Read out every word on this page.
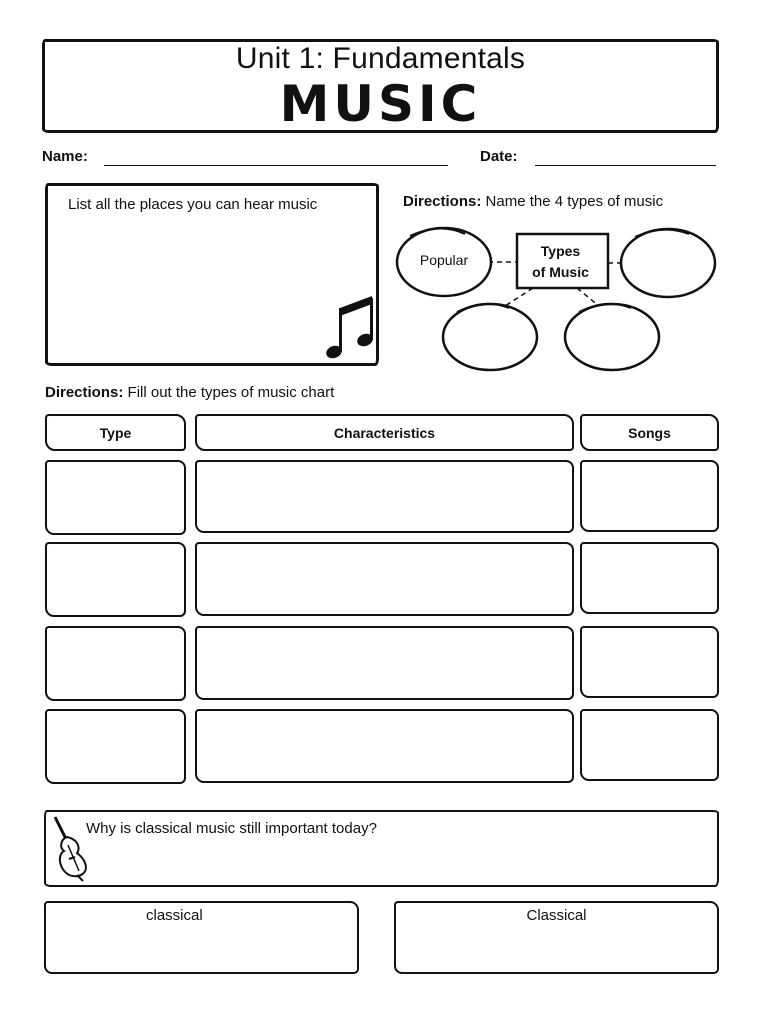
Unit 1: Fundamentals
MUSIC
Name:	Date:
List all the places you can hear music	Directions: Name the 4 types of music
Types
of Music
Popular
Directions: Fill out the types of music chart
Type	Characteristics	Songs
Why is classical music still important today?
classical	Classical
